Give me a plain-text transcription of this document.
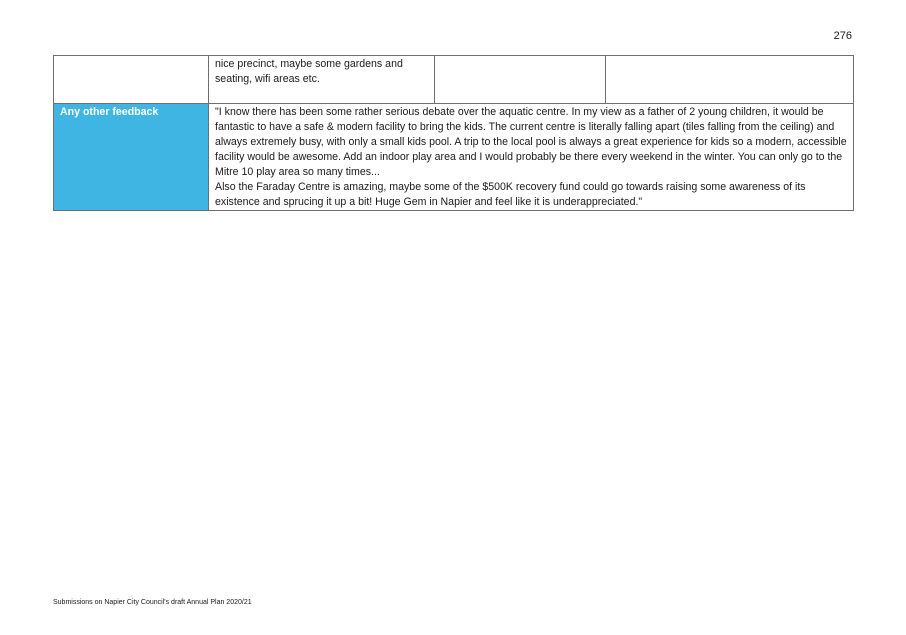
276

	nice precinct, maybe some gardens and
seating, wifi areas etc.		

Any other feedback	"I know there has been some rather serious debate over the aquatic centre. In my view as a father of 2 young children, it would be fantastic to have a safe & modern facility to bring the kids. The current centre is literally falling apart (tiles falling from the ceiling) and always extremely busy, with only a small kids pool. A trip to the local pool is always a great experience for kids so a modern, accessible facility would be awesome. Add an indoor play area and I would probably be there every weekend in the winter. You can only go to the Mitre 10 play area so many times...
Also the Faraday Centre is amazing, maybe some of the $500K recovery fund could go towards raising some awareness of its existence and sprucing it up a bit! Huge Gem in Napier and feel like it is underappreciated."		
Submissions on Napier City Council's draft Annual Plan 2020/21
